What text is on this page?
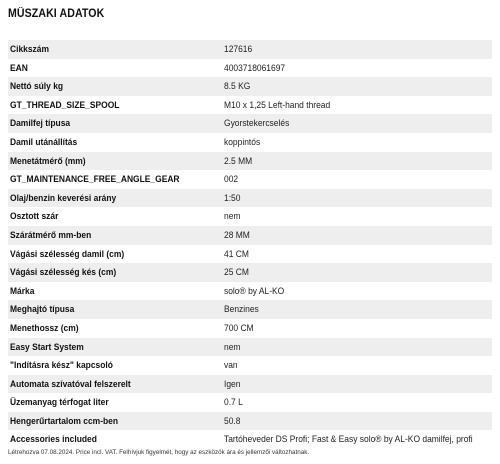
MŰSZAKI ADATOK
Cikkszám	127616
EAN	4003718061697
Nettó súly kg	8.5 KG
GT_THREAD_SIZE_SPOOL	M10 x 1,25 Left-hand thread
Damilfej típusa	Gyorstekercselés
Damil utánállítás	koppintós
Menetátmérő (mm)	2.5 MM
GT_MAINTENANCE_FREE_ANGLE_GEAR	002
Olaj/benzin keverési arány	1:50
Osztott szár	nem
Szárátmérő mm-ben	28 MM
Vágási szélesség damil (cm)	41 CM
Vágási szélesség kés (cm)	25 CM
Márka	solo® by AL-KO
Meghajtó típusa	Benzines
Menethossz (cm)	700 CM
Easy Start System	nem
"Indításra kész" kapcsoló	van
Automata szívatóval felszerelt	Igen
Üzemanyag térfogat liter	0.7 L
Hengerűrtartalom ccm-ben	50.8
Accessories included	Tartóheveder DS Profi; Fast & Easy solo® by AL-KO damilfej, profi
Létrehozva 07.08.2024. Price incl. VAT. Felhívjuk figyelmét, hogy az eszközök ára és jellemzői változhatnak.
